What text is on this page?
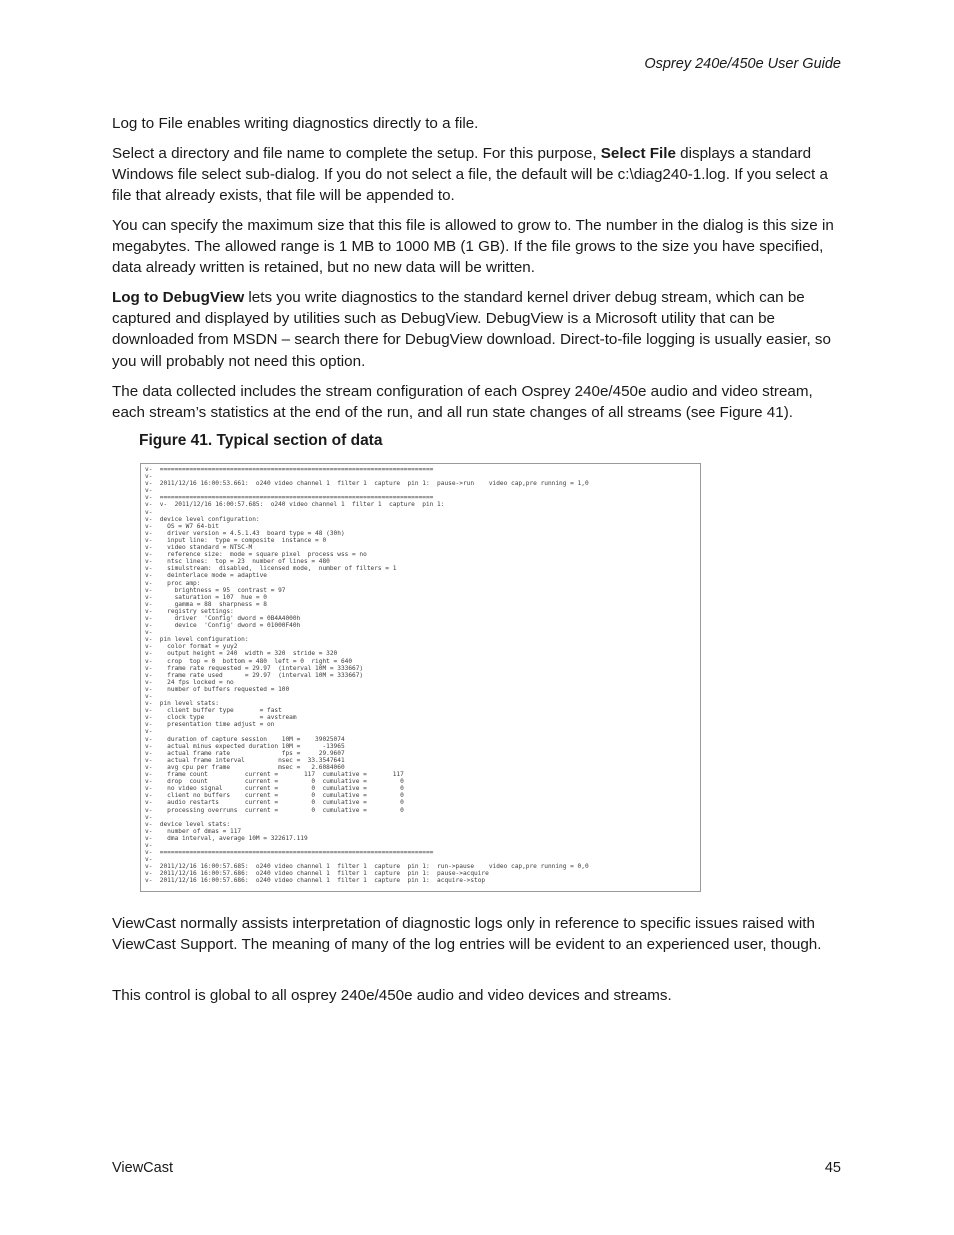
Osprey 240e/450e User Guide

Log to File enables writing diagnostics directly to a file.

Select a directory and file name to complete the setup. For this purpose, Select File displays a standard Windows file select sub-dialog. If you do not select a file, the default will be c:\diag240-1.log. If you select a file that already exists, that file will be appended to.

You can specify the maximum size that this file is allowed to grow to. The number in the dialog is this size in megabytes. The allowed range is 1 MB to 1000 MB (1 GB). If the file grows to the size you have specified, data already written is retained, but no new data will be written.

Log to DebugView lets you write diagnostics to the standard kernel driver debug stream, which can be captured and displayed by utilities such as DebugView. DebugView is a Microsoft utility that can be downloaded from MSDN – search there for DebugView download. Direct-to-file logging is usually easier, so you will probably not need this option.

The data collected includes the stream configuration of each Osprey 240e/450e audio and video stream, each stream’s statistics at the end of the run, and all run state changes of all streams (see Figure 41).

Figure 41. Typical section of data
v-  ==========================================================================
v-
v-  2011/12/16 16:00:53.661:  o240 video channel 1  filter 1  capture  pin 1:  pause->run    video cap,pre running = 1,0
v-
v-  ==========================================================================
v-  v-  2011/12/16 16:00:57.685:  o240 video channel 1  filter 1  capture  pin 1:
v-
v-  device level configuration:
v-    OS = W7 64-bit
v-    driver version = 4.5.1.43  board type = 48 (30h)
v-    input line:  type = composite  instance = 0
v-    video standard = NTSC-M
v-    reference size:  mode = square pixel  process wss = no
v-    ntsc lines:  top = 23  number of lines = 480
v-    simulstream:  disabled,  licensed mode,  number of filters = 1
v-    deinterlace mode = adaptive
v-    proc amp:
v-      brightness = 95  contrast = 97
v-      saturation = 107  hue = 0
v-      gamma = 88  sharpness = 8
v-    registry settings:
v-      driver  'Config' dword = 0B4A4000h
v-      device  'Config' dword = 01000F40h
v-
v-  pin level configuration:
v-    color format = yuy2
v-    output height = 240  width = 320  stride = 320
v-    crop  top = 0  bottom = 480  left = 0  right = 640
v-    frame rate requested = 29.97  (interval 10M = 333667)
v-    frame rate used      = 29.97  (interval 10M = 333667)
v-    24 fps locked = no
v-    number of buffers requested = 100
v-
v-  pin level stats:
v-    client buffer type       = fast
v-    clock type               = avstream
v-    presentation time adjust = on
v-
v-    duration of capture session    10M =    39025074
v-    actual minus expected duration 10M =      -13965
v-    actual frame rate              fps =     29.9607
v-    actual frame interval         nsec =  33.3547641
v-    avg cpu per frame             msec =   2.6084060
v-    frame count          current =       117  cumulative =       117
v-    drop  count          current =         0  cumulative =         0
v-    no video signal      current =         0  cumulative =         0
v-    client no buffers    current =         0  cumulative =         0
v-    audio restarts       current =         0  cumulative =         0
v-    processing overruns  current =         0  cumulative =         0
v-
v-  device level stats:
v-    number of dmas = 117
v-    dma interval, average 10M = 322617.119
v-
v-  ==========================================================================
v-
v-  2011/12/16 16:00:57.685:  o240 video channel 1  filter 1  capture  pin 1:  run->pause    video cap,pre running = 0,0
v-  2011/12/16 16:00:57.686:  o240 video channel 1  filter 1  capture  pin 1:  pause->acquire
v-  2011/12/16 16:00:57.686:  o240 video channel 1  filter 1  capture  pin 1:  acquire->stop

ViewCast normally assists interpretation of diagnostic logs only in reference to specific issues raised with ViewCast Support. The meaning of many of the log entries will be evident to an experienced user, though.

This control is global to all osprey 240e/450e audio and video devices and streams.

ViewCast	45
